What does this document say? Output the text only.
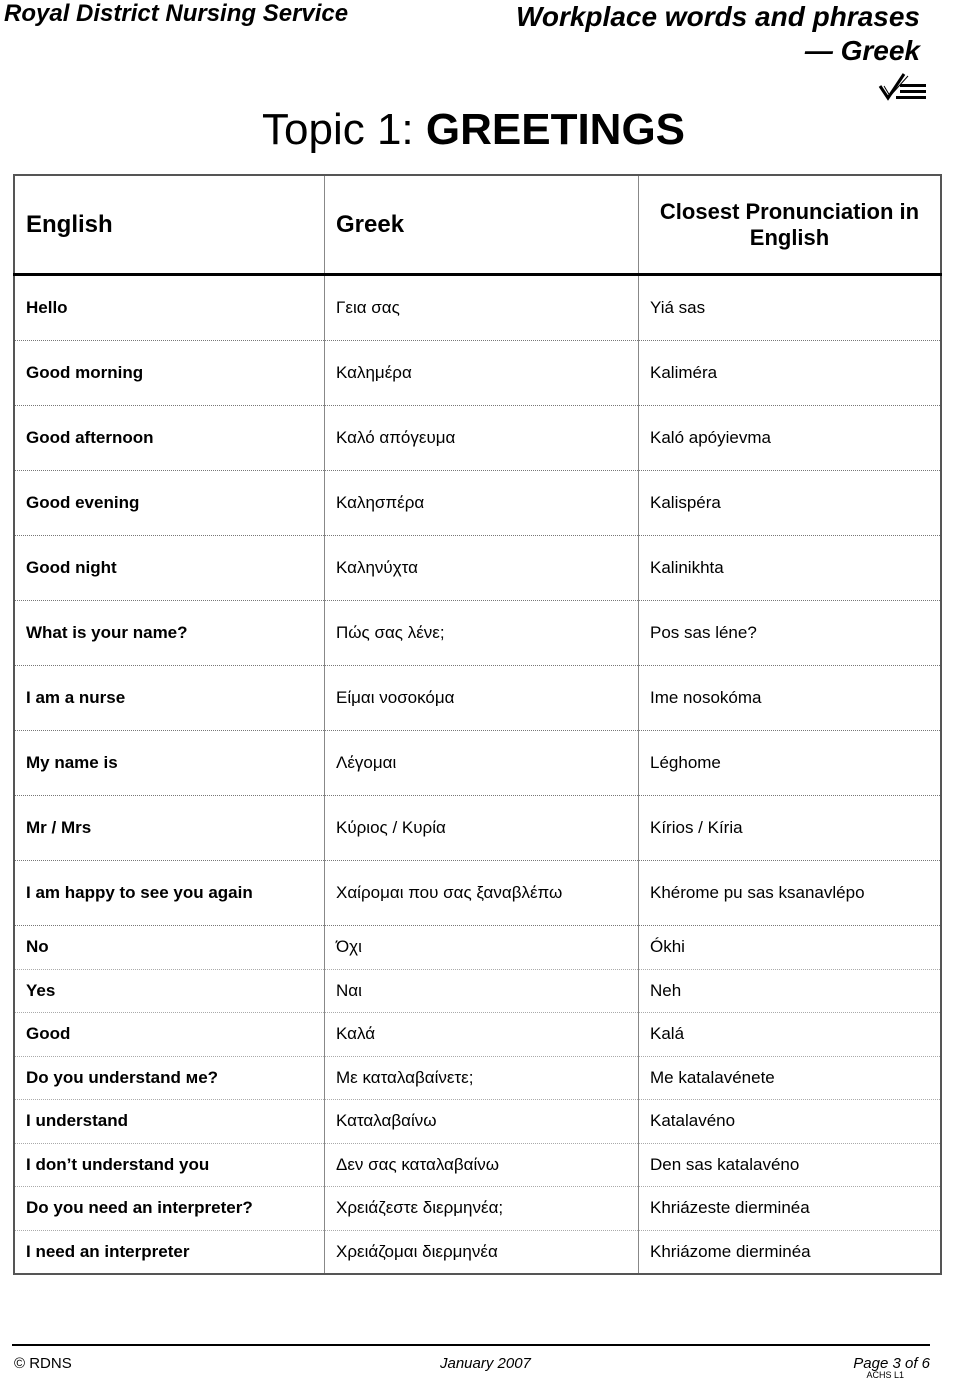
Royal District Nursing Service	Workplace words and phrases
— Greek
Topic 1: GREETINGS
English	Greek	Closest Pronunciation in English
Hello	Γεια σας	Yiá sas
Good morning	Καλημέρα	Kaliméra
Good afternoon	Καλό απόγευμα	Kaló apóyievma
Good evening	Καλησπέρα	Kalispéra
Good night	Καληνύχτα	Kalinikhta
What is your name?	Πώς σας λένε;	Pos sas léne?
I am a nurse	Είμαι νοσοκόμα	Ime nosokóma
My name is	Λέγομαι	Léghome
Mr / Mrs	Κύριος / Κυρία	Kírios / Kíria
I am happy to see you again	Χαίρομαι που σας ξαναβλέπω	Khérome pu sas ksanavlépo
No	Όχι	Ókhi
Yes	Ναι	Neh
Good	Καλά	Kalá
Do you understand ме?	Με καταλαβαίνετε;	Me katalavénete
I understand	Καταλαβαίνω	Katalavéno
I don’t understand you	Δεν σας καταλαβαίνω	Den sas katalavéno
Do you need an interpreter?	Χρειάζεστε διερμηνέα;	Khriázeste dierminéa
I need an interpreter	Χρειάζομαι διερμηνέα	Khriázome dierminéa
© RDNS	January 2007	Page 3 of 6
ACHS L1
